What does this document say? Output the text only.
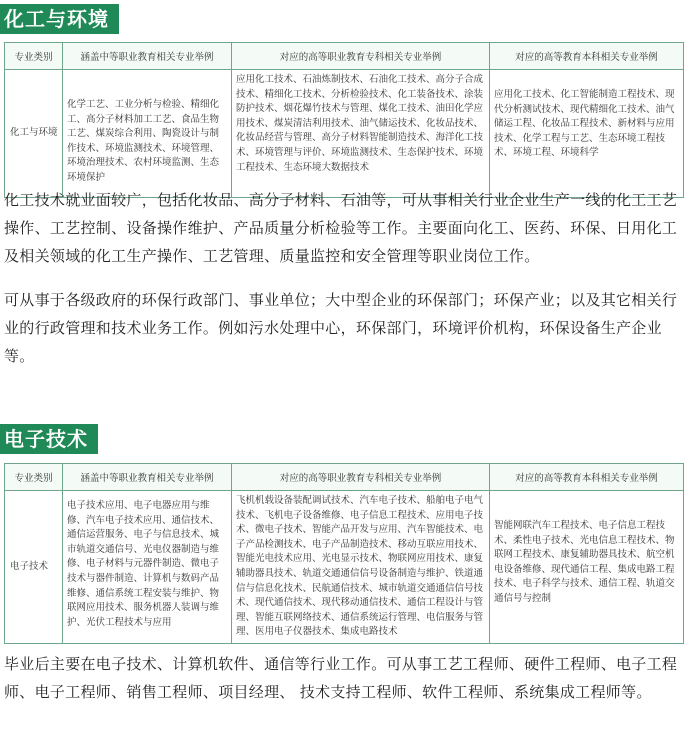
化工与环境
专业类别	涵盖中等职业教育相关专业举例	对应的高等职业教育专科相关专业举例	对应的高等教育本科相关专业举例
化工与环境	化学工艺、工业分析与检验、精细化工、高分子材料加工工艺、食品生物工艺、煤炭综合利用、陶瓷设计与制作技术、环境监测技术、环境管理、环境治理技术、农村环境监测、生态环境保护	应用化工技术、石油炼制技术、石油化工技术、高分子合成技术、精细化工技术、分析检验技术、化工装备技术、涂装防护技术、烟花爆竹技术与管理、煤化工技术、油田化学应用技术、煤炭清洁利用技术、油气储运技术、化妆品技术、化妆品经营与管理、高分子材料智能制造技术、海洋化工技术、环境管理与评价、环境监测技术、生态保护技术、环境工程技术、生态环境大数据技术	应用化工技术、化工智能制造工程技术、现代分析测试技术、现代精细化工技术、油气储运工程、化妆品工程技术、新材料与应用技术、化学工程与工艺、生态环境工程技术、环境工程、环境科学

化工技术就业面较广，包括化妆品、高分子材料、石油等，可从事相关行业企业生产一线的化工工艺操作、工艺控制、设备操作维护、产品质量分析检验等工作。主要面向化工、医药、环保、日用化工及相关领域的化工生产操作、工艺管理、质量监控和安全管理等职业岗位工作。

可从事于各级政府的环保行政部门、事业单位；大中型企业的环保部门；环保产业；以及其它相关行业的行政管理和技术业务工作。例如污水处理中心，环保部门，环境评价机构，环保设备生产企业等。

电子技术
专业类别	涵盖中等职业教育相关专业举例	对应的高等职业教育专科相关专业举例	对应的高等教育本科相关专业举例
电子技术	电子技术应用、电子电器应用与维修、汽车电子技术应用、通信技术、通信运营服务、电子与信息技术、城市轨道交通信号、光电仪器制造与维修、电子材料与元器件制造、微电子技术与器件制造、计算机与数码产品维修、通信系统工程安装与维护、物联网应用技术、服务机器人装调与维护、光伏工程技术与应用	飞机机载设备装配调试技术、汽车电子技术、船舶电子电气技术、飞机电子设备维修、电子信息工程技术、应用电子技术、微电子技术、智能产品开发与应用、汽车智能技术、电子产品检测技术、电子产品制造技术、移动互联应用技术、智能光电技术应用、光电显示技术、物联网应用技术、康复辅助器具技术、轨道交通通信信号设备制造与维护、铁道通信与信息化技术、民航通信技术、城市轨道交通通信信号技术、现代通信技术、现代移动通信技术、通信工程设计与管理、智能互联网络技术、通信系统运行管理、电信服务与管理、医用电子仪器技术、集成电路技术	智能网联汽车工程技术、电子信息工程技术、柔性电子技术、光电信息工程技术、物联网工程技术、康复辅助器具技术、航空机电设备维修、现代通信工程、集成电路工程技术、电子科学与技术、通信工程、轨道交通信号与控制

毕业后主要在电子技术、计算机软件、通信等行业工作。可从事工艺工程师、硬件工程师、电子工程师、电子工程师、销售工程师、项目经理、 技术支持工程师、软件工程师、系统集成工程师等。
